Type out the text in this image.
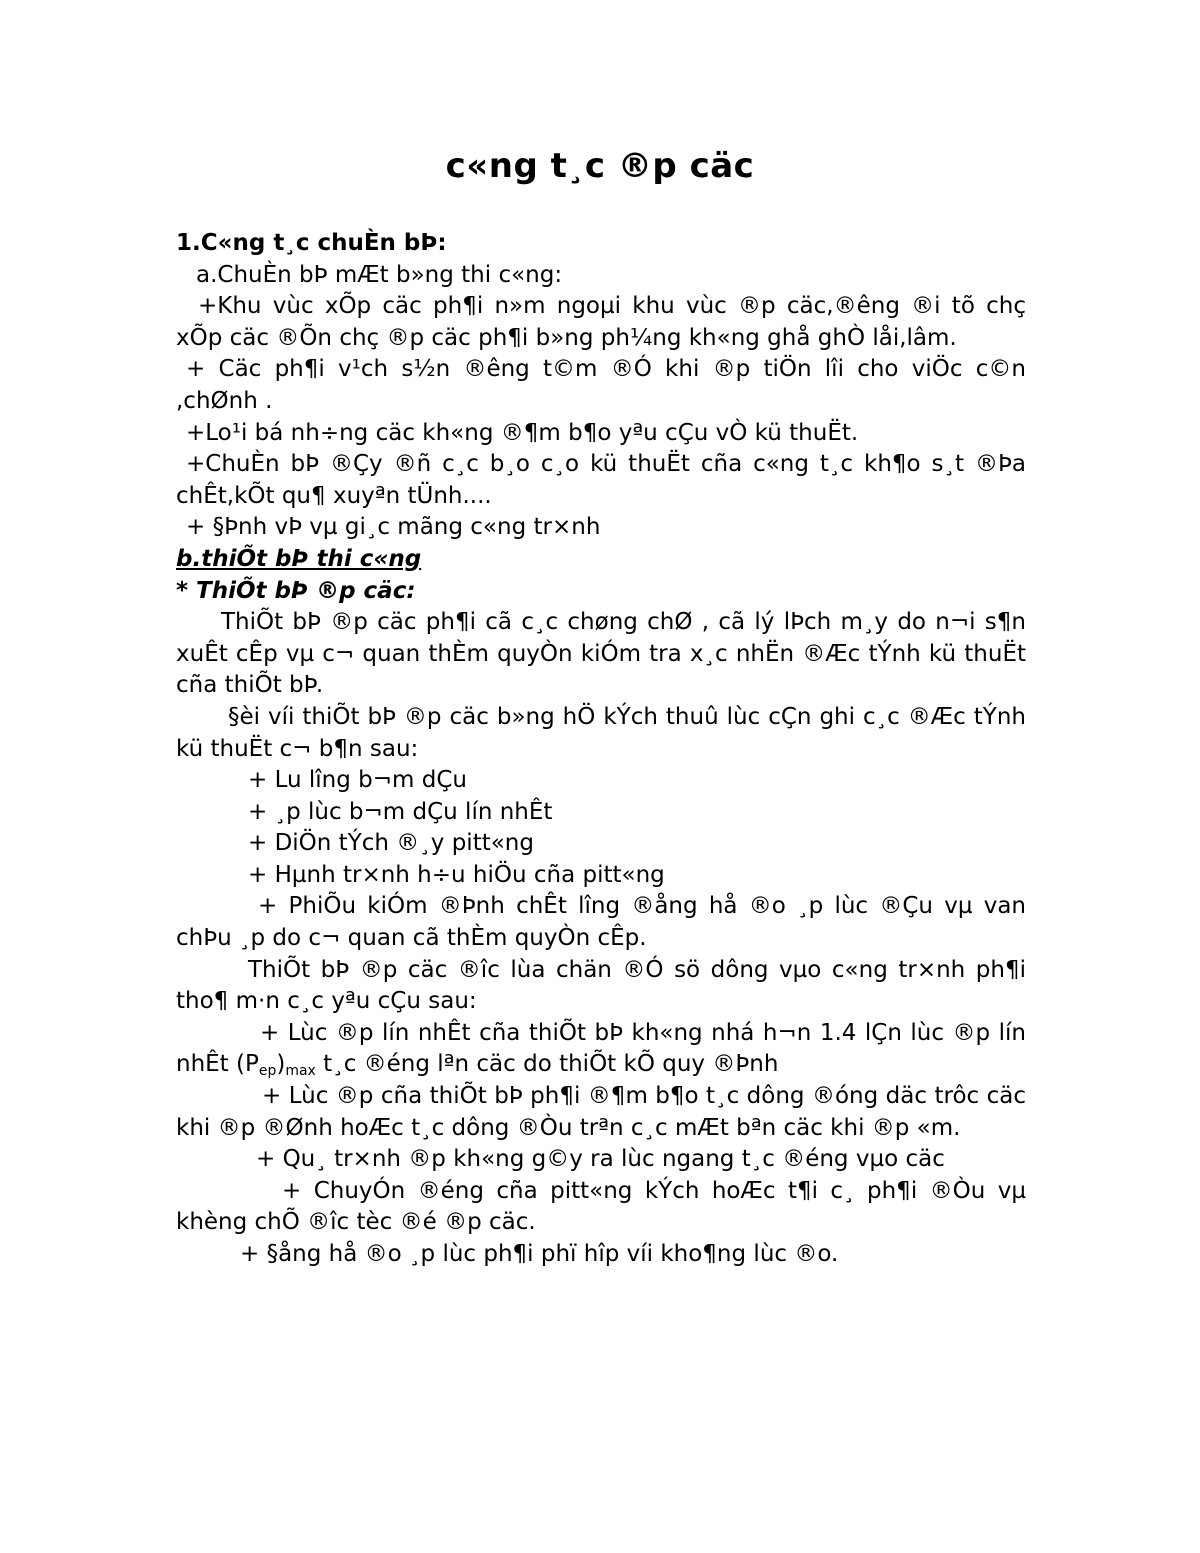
c«ng t¸c ®p cäc

1.C«ng t¸c chuÈn bÞ:

a.ChuÈn bÞ mÆt b»ng thi c«ng:

+Khu vùc xÕp cäc ph¶i n»m ngoµi khu vùc ®p cäc,®êng ®i tõ chç xÕp cäc ®Õn chç ®p cäc ph¶i b»ng ph¼ng kh«ng ghå ghÒ låi,lâm.

+ Cäc ph¶i v¹ch s½n ®êng t©m ®Ó khi ®p tiÖn lîi cho viÖc c©n ,chØnh .

+Lo¹i bá nh÷ng cäc kh«ng ®¶m b¶o yªu cÇu vÒ kü thuËt.

+ChuÈn bÞ ®Çy ®ñ c¸c b¸o c¸o kü thuËt cña c«ng t¸c kh¶o s¸t ®Þa chÊt,kÕt qu¶ xuyªn tÜnh....

+ §Þnh vÞ vµ gi¸c mãng c«ng tr×nh

b.thiÕt bÞ thi c«ng

* ThiÕt bÞ ®p cäc:

ThiÕt bÞ ®p cäc ph¶i cã c¸c chøng chØ , cã lý lÞch m¸y do n¬i s¶n xuÊt cÊp vµ c¬ quan thÈm quyÒn kiÓm tra x¸c nhËn ®Æc tÝnh kü thuËt cña thiÕt bÞ.

§èi víi thiÕt bÞ ®p cäc b»ng hÖ kÝch thuû lùc cÇn ghi c¸c ®Æc tÝnh kü thuËt c¬ b¶n sau:

+ Lu lîng b¬m dÇu

+ ¸p lùc b¬m dÇu lín nhÊt

+ DiÖn tÝch ®¸y pitt«ng

+ Hµnh tr×nh h÷u hiÖu cña pitt«ng

+ PhiÕu kiÓm ®Þnh chÊt lîng ®ång hå ®o ¸p lùc ®Çu vµ van chÞu ¸p do c¬ quan cã thÈm quyÒn cÊp.

ThiÕt bÞ ®p cäc ®îc lùa chän ®Ó sö dông vµo c«ng tr×nh ph¶i tho¶ m·n c¸c yªu cÇu sau:

+ Lùc ®p lín nhÊt cña thiÕt bÞ kh«ng nhá h¬n 1.4 lÇn lùc ®p lín nhÊt $(P_{ep})_{max}$ t¸c ®éng lªn cäc do thiÕt kÕ quy ®Þnh

+ Lùc ®p cña thiÕt bÞ ph¶i ®¶m b¶o t¸c dông ®óng däc trôc cäc khi ®p ®Ønh hoÆc t¸c dông ®Òu trªn c¸c mÆt bªn cäc khi ®p «m.

+ Qu¸ tr×nh ®p kh«ng g©y ra lùc ngang t¸c ®éng vµo cäc

+ ChuyÓn ®éng cña pitt«ng kÝch hoÆc t¶i c¸ ph¶i ®Òu vµ khèng chÕ ®îc tèc ®é ®p cäc.

+ §ång hå ®o ¸p lùc ph¶i phï hîp víi kho¶ng lùc ®o.
